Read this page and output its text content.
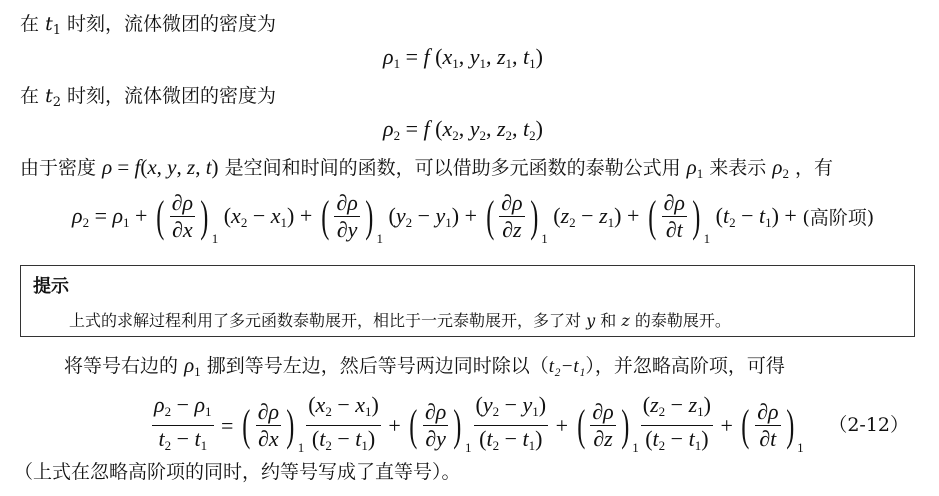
在 $t_1$ 时刻，流体微团的密度为
$\rho_1 = f$ ($x_1$, $y_1$, $z_1$, $t_1$)
在 $t_2$ 时刻，流体微团的密度为
$\rho_2 = f$ ($x_2$, $y_2$, $z_2$, $t_2$)
由于密度 ρ = f(x, y, z, t) 是空间和时间的函数，可以借助多元函数的泰勒公式用 $\rho_1$ 来表示 $\rho_2$ ，有
$\rho_2 = \rho_1$ + ( $\frac{\partial\rho}{\partial x}$ ) 1
$(x_2 - x_1)$ + ( $\frac{\partial\rho}{\partial y}$ ) 1
$(y_2 - y_1)$ + ( $\frac{\partial\rho}{\partial z}$ ) 1
$(z_2 - z_1)$ + ( $\frac{\partial\rho}{\partial t}$ ) 1
$(t_2 - t_1)$ + (高阶项)
提示
上式的求解过程利用了多元函数泰勒展开，相比于一元泰勒展开，多了对 y 和 z 的泰勒展开。
将等号右边的 $\rho_1$ 挪到等号左边，然后等号两边同时除以（t₂−t₁），并忽略高阶项，可得
$\frac{\rho_2 - \rho_1}{t_2 - t_1}$ = ( $\frac{\partial\rho}{\partial x}$ ) $1 \frac{(x_2 - x_1)}{(t_2 - t_1)}$ + ( $\frac{\partial\rho}{\partial y}$ ) $1 \frac{(y_2 - y_1)}{(t_2 - t_1)}$ + ( $\frac{\partial\rho}{\partial z}$ ) $1 \frac{(z_2 - z_1)}{(t_2 - t_1)}$ + ( $\frac{\partial\rho}{\partial t}$ ) 1
（2-12）
（上式在忽略高阶项的同时，约等号写成了直等号）。
